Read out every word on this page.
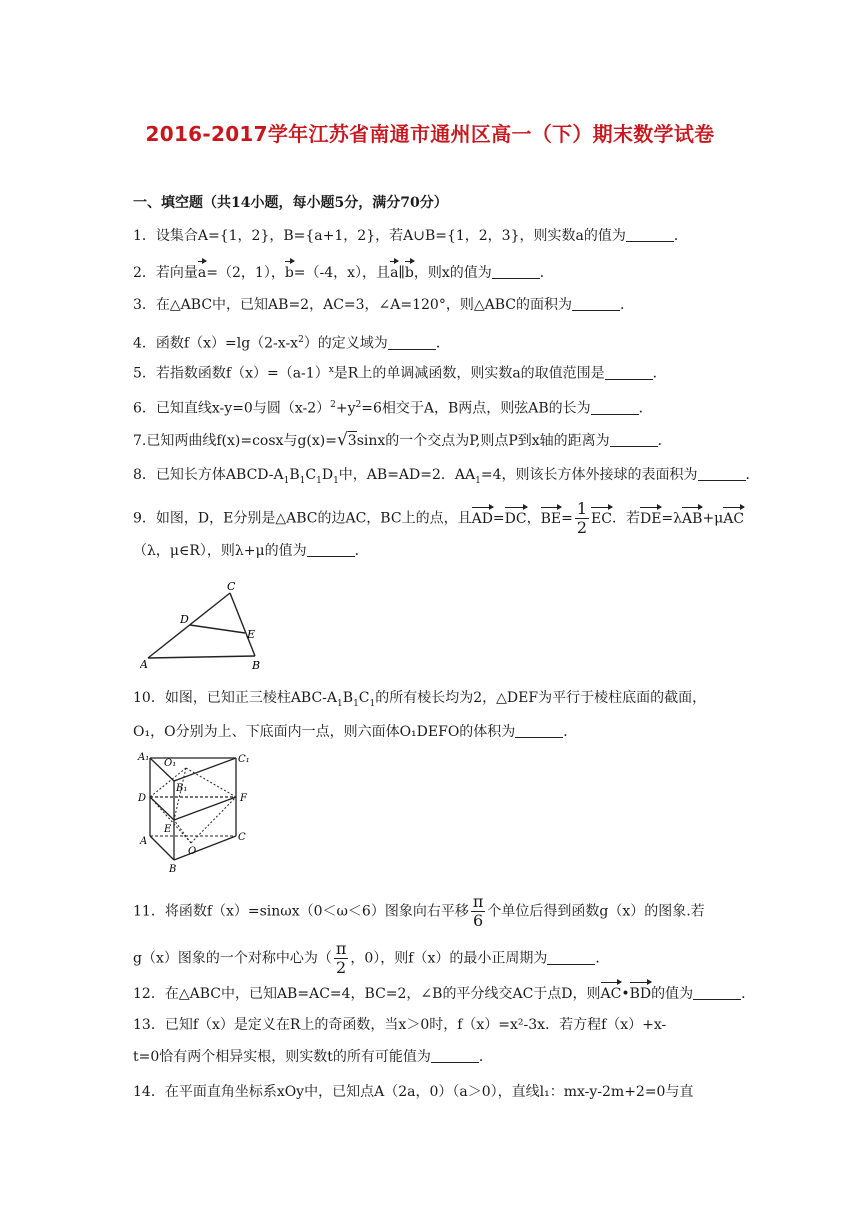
2016-2017学年江苏省南通市通州区高一（下）期末数学试卷
一、填空题（共14小题，每小题5分，满分70分）
1．设集合A={1，2}，B={a+1，2}，若A∪B={1，2，3}，则实数a的值为	．
2．若向量a=（2，1），b=（-4，x），且a∥b，则x的值为	．
3．在△ABC中，已知AB=2，AC=3，∠A=120°，则△ABC的面积为	．
4．函数$f(x)=\lg(2-x-x^2)$的定义域为	．
5．若指数函数$f(x)=(a-1)^x$是R上的单调减函数，则实数a的取值范围是	．
6．已知直线x-y=0与圆$(x-2)^2+y^2=6$相交于A，B两点，则弦AB的长为	．
7.已知两曲线f(x)=cosx与g(x)=√3sinx的一个交点为P,则点P到x轴的距离为	．
8．已知长方体ABCD-$A_1B_1C_1D_1$中，AB=AD=2．$AA_1=4$，则该长方体外接球的表面积为	．
9．如图，D，E分别是△ABC的边AC，BC上的点，且AD=DC，$BE= \frac{1}{2}$ EC．若DE=λAB+μAC
（λ，μ∈R），则λ+μ的值为	．
C
D
E
A	B
10．如图，已知正三棱柱ABC-$A_1B_1C_1$的所有棱长均为2，△DEF为平行于棱柱底面的截面，
O₁，O分别为上、下底面内一点，则六面体O₁DEFO的体积为	．
A₁	C₁
O₁
B₁
D	F
E
A	C
O
B
11．将函数f（x）=sinωx（0＜ω＜6）图象向右平移 $\frac{\pi}{6}$ 个单位后得到函数g（x）的图象.若
g（x）图象的一个对称中心为（ $\frac{\pi}{2}$ ，0），则f（x）的最小正周期为	．
12．在△ABC中，已知AB=AC=4，BC=2，∠B的平分线交AC于点D，则AC•BD的值为	．
13．已知f（x）是定义在R上的奇函数，当x＞0时，f（x）=x²-3x．若方程f（x）+x-
t=0恰有两个相异实根，则实数t的所有可能值为	．
14．在平面直角坐标系xOy中，已知点A（2a，0）（a＞0），直线l₁：mx-y-2m+2=0与直
